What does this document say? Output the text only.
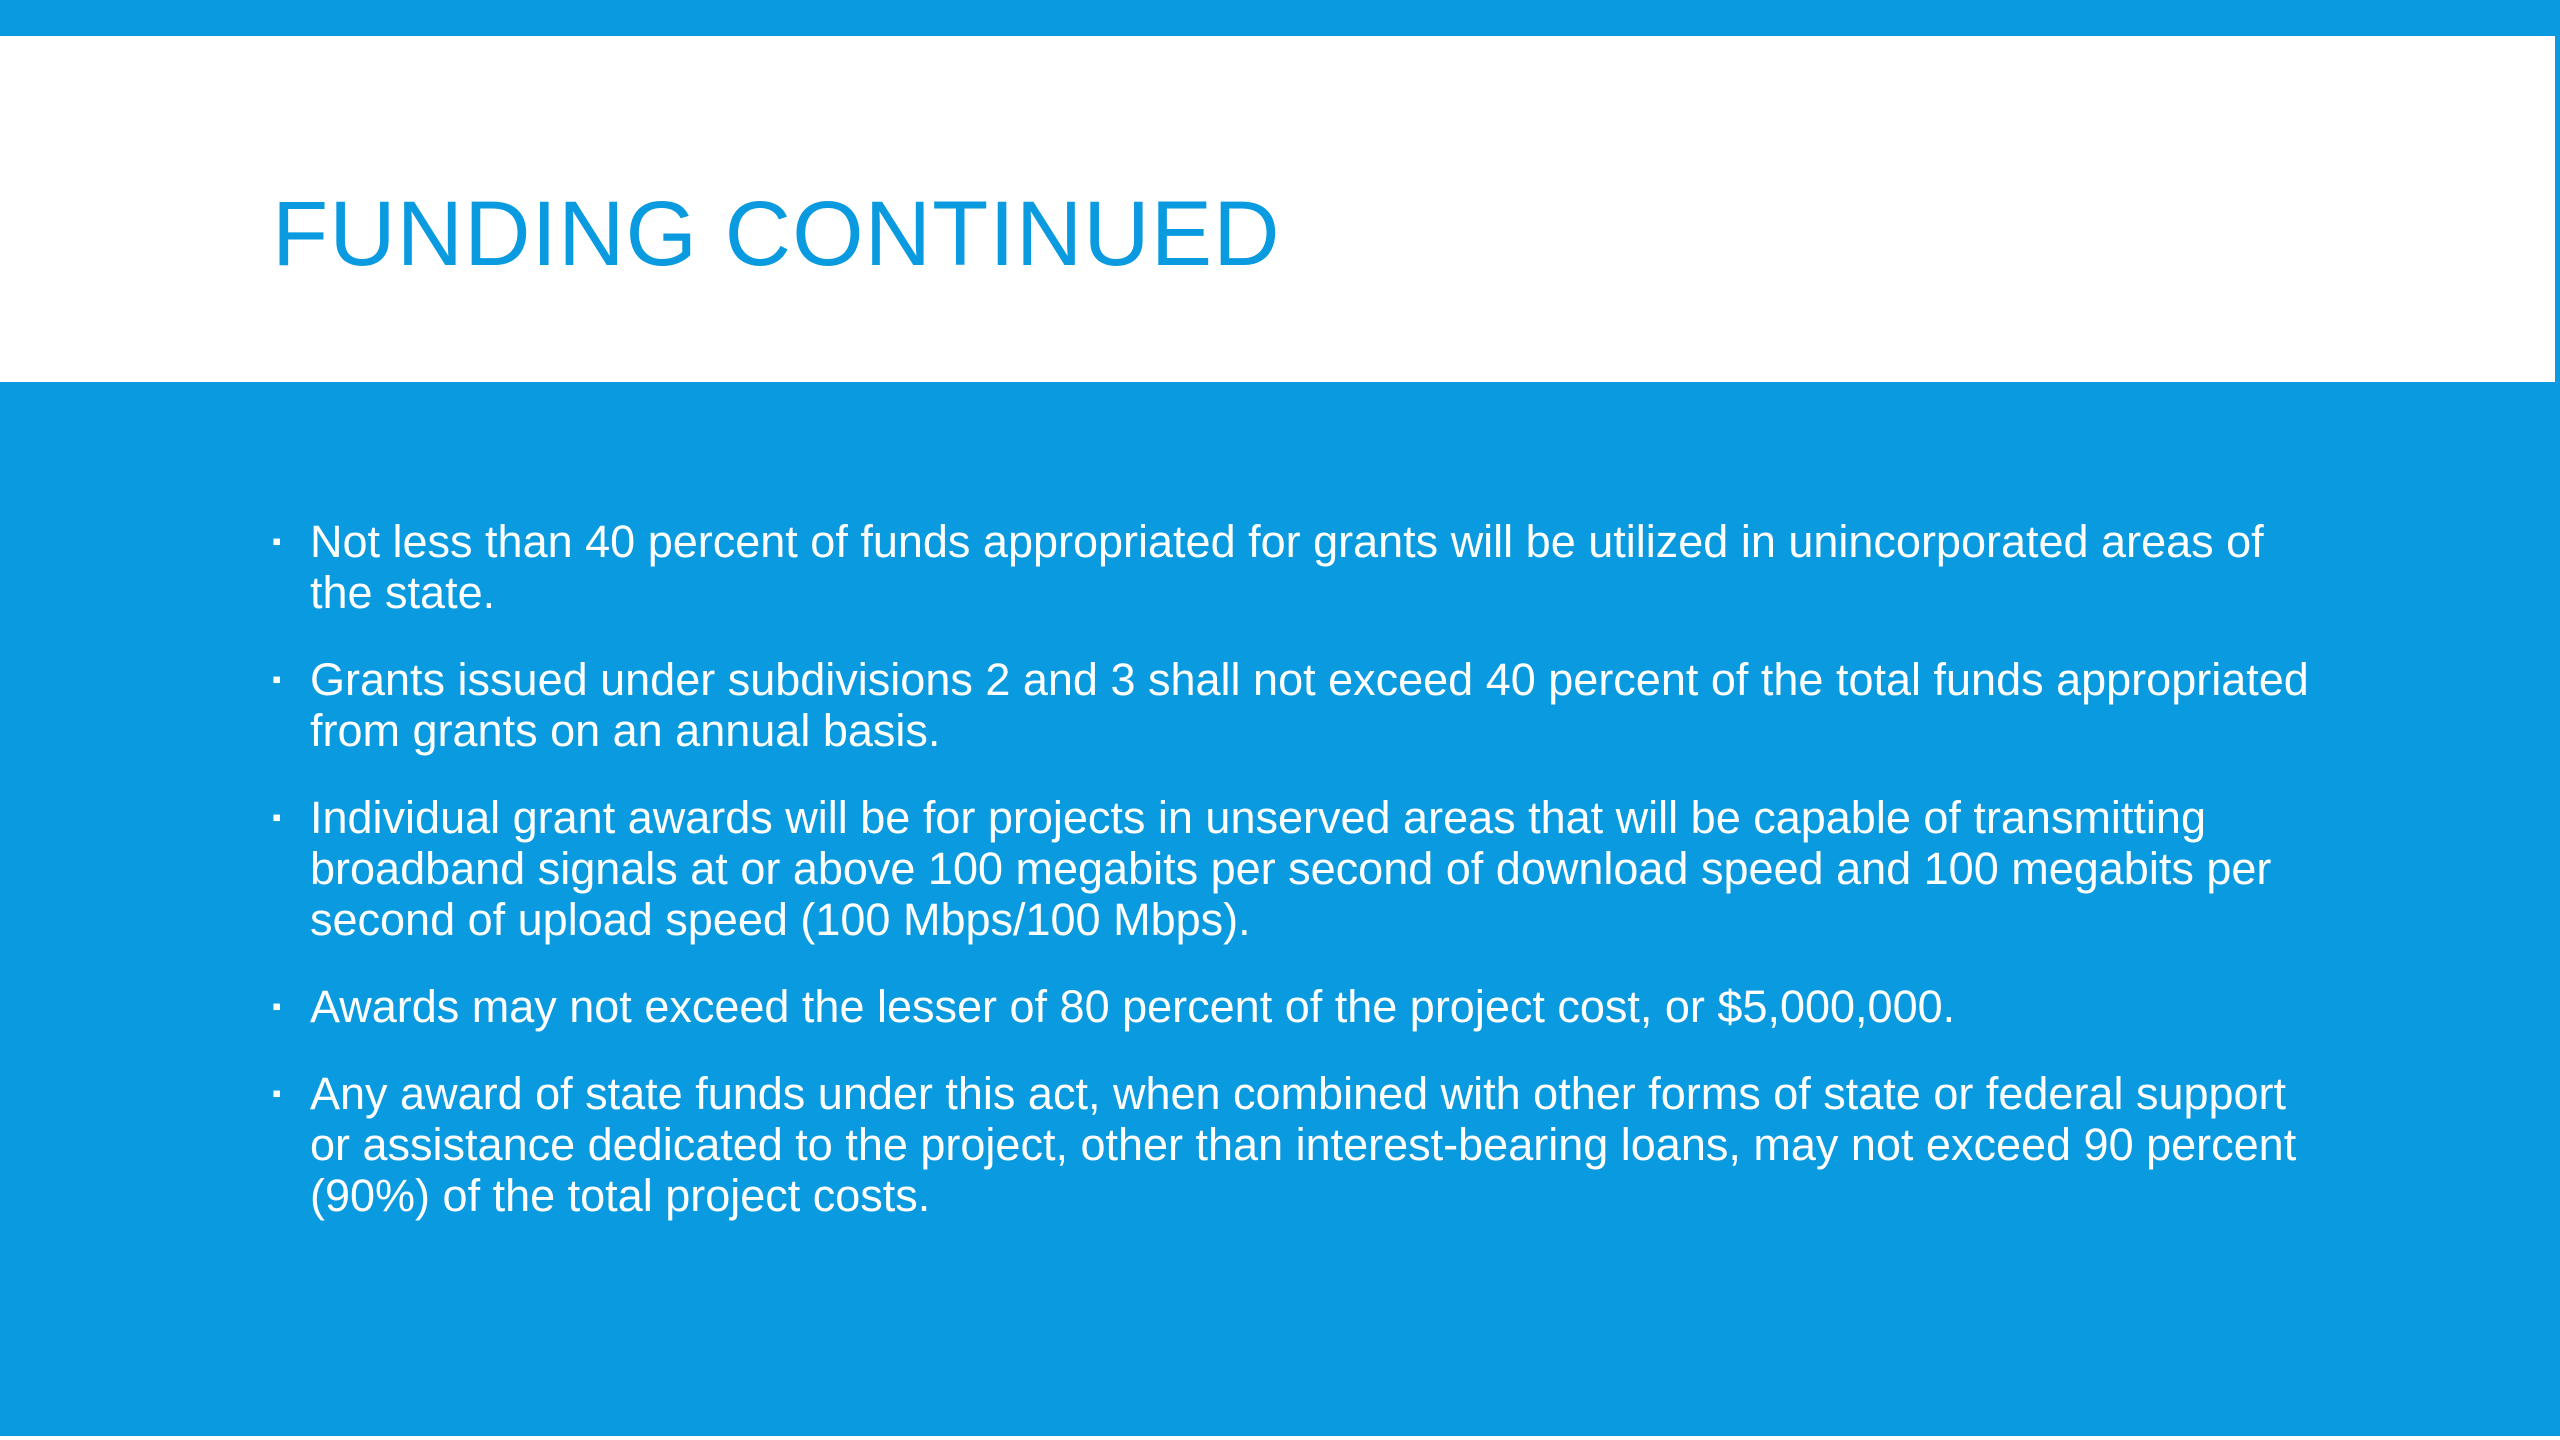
FUNDING CONTINUED
▪ Not less than 40 percent of funds appropriated for grants will be utilized in unincorporated areas of the state.
▪ Grants issued under subdivisions 2 and 3 shall not exceed 40 percent of the total funds appropriated from grants on an annual basis.
▪ Individual grant awards will be for projects in unserved areas that will be capable of transmitting broadband signals at or above 100 megabits per second of download speed and 100 megabits per second of upload speed (100 Mbps/100 Mbps).
▪ Awards may not exceed the lesser of 80 percent of the project cost, or $5,000,000.
▪ Any award of state funds under this act, when combined with other forms of state or federal support or assistance dedicated to the project, other than interest-bearing loans, may not exceed 90 percent (90%) of the total project costs.
